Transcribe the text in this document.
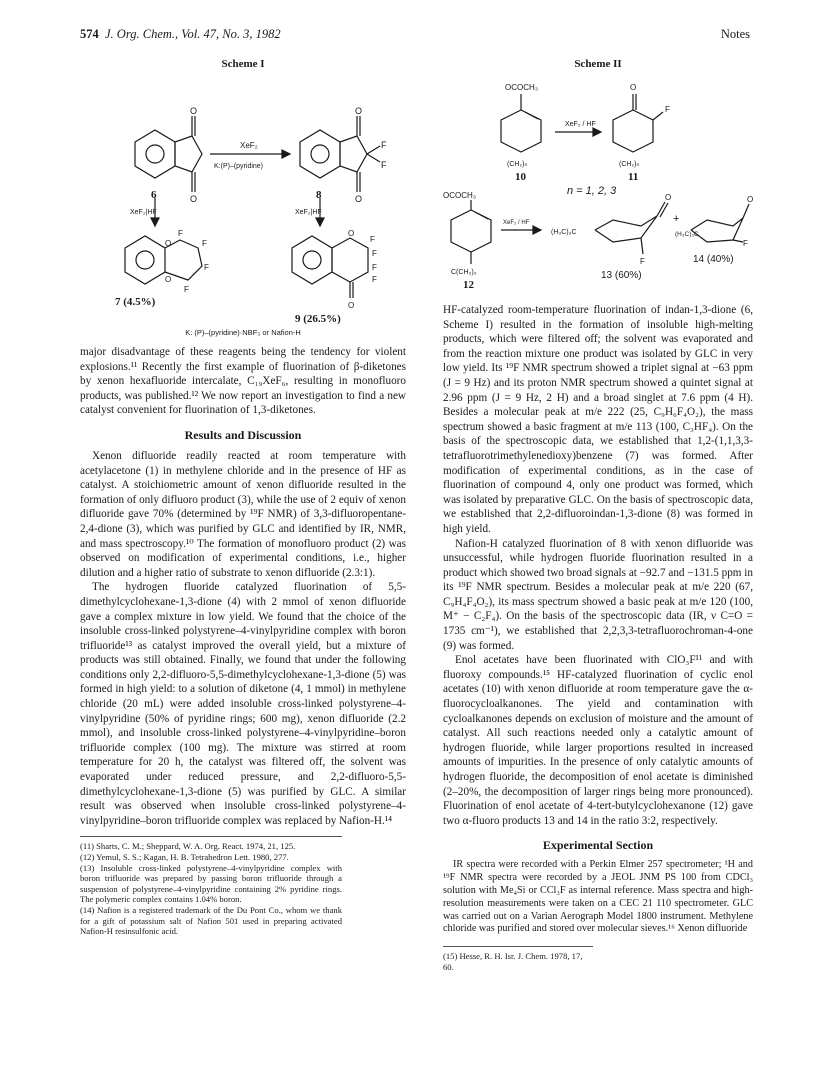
574 J. Org. Chem., Vol. 47, No. 3, 1982	Notes
Scheme I
O
O
O
O
F
F
XeF₂
K:(P)–(pyridine)
6	8
XeF₂|HF	XeF₂|HF
O
F
F
F
O
F
O
F
F
F
F
O
7 (4.5%)
9 (26.5%)
K: (P)–(pyridine)·NBF₃ or Nafion-H

major disadvantage of these reagents being the tendency for violent explosions.¹¹ Recently the first example of fluorination of β-diketones by xenon hexafluoride intercalate, C₁₉XeF₆, resulting in monofluoro products, was published.¹² We now report an investigation to find a new catalyst convenient for fluorination of 1,3-diketones.

Results and Discussion

Xenon difluoride readily reacted at room temperature with acetylacetone (1) in methylene chloride and in the presence of HF as catalyst. A stoichiometric amount of xenon difluoride resulted in the formation of only difluoro product (3), while the use of 2 equiv of xenon difluoride gave 70% (determined by ¹⁹F NMR) of 3,3-difluoropentane-2,4-dione (3), which was purified by GLC and identified by IR, NMR, and mass spectroscopy.¹⁰ The formation of monofluoro product (2) was observed on modification of experimental conditions, i.e., higher dilution and a higher ratio of substrate to xenon difluoride (2.3:1).

The hydrogen fluoride catalyzed fluorination of 5,5-dimethylcyclohexane-1,3-dione (4) with 2 mmol of xenon difluoride gave a complex mixture in low yield. We found that the choice of the insoluble cross-linked polystyrene–4-vinylpyridine complex with boron trifluoride¹³ as catalyst improved the overall yield, but a mixture of products was still obtained. Finally, we found that under the following conditions only 2,2-difluoro-5,5-dimethylcyclohexane-1,3-dione (5) was formed in high yield: to a solution of diketone (4, 1 mmol) in methylene chloride (20 mL) were added insoluble cross-linked polystyrene–4-vinylpyridine (50% of pyridine rings; 600 mg), xenon difluoride (2.2 mmol), and insoluble cross-linked polystyrene–4-vinylpyridine–boron trifluoride complex (100 mg). The mixture was stirred at room temperature for 20 h, the catalyst was filtered off, the solvent was evaporated under reduced pressure, and 2,2-difluoro-5,5-dimethylcyclohexane-1,3-dione (5) was purified by GLC. A similar result was observed when insoluble cross-linked polystyrene–4-vinylpyridine–boron trifluoride complex was replaced by Nafion-H.¹⁴

(11) Sharts, C. M.; Sheppard, W. A. Org. React. 1974, 21, 125.

(12) Yemul, S. S.; Kagan, H. B. Tetrahedron Lett. 1980, 277.

(13) Insoluble cross-linked polystyrene–4-vinylpyridine complex with boron trifluoride was prepared by passing boron trifluoride through a suspension of polystyrene–4-vinylpyridine containing 2% pyridine rings. The polymeric complex contains 1.04% boron.

(14) Nafion is a registered trademark of the Du Pont Co., whom we thank for a gift of potassium salt of Nafion 501 used in preparing activated Nafion-H resinsulfonic acid.

Scheme II
OCOCH₃
XeF₂ / HF
(CH₂)ₙ
O
F
(CH₂)ₙ
10	11
n = 1, 2, 3
OCOCH₃
XeF₂ / HF
C(CH₃)₃
12
(H₃C)₃C
O
F
13 (60%)
+
(H₃C)₃C
O
F
14 (40%)

HF-catalyzed room-temperature fluorination of indan-1,3-dione (6, Scheme I) resulted in the formation of insoluble high-melting products, which were filtered off; the solvent was evaporated and from the reaction mixture one product was isolated by GLC in very low yield. Its ¹⁹F NMR spectrum showed a triplet signal at −63 ppm (J = 9 Hz) and its proton NMR spectrum showed a quintet signal at 2.96 ppm (J = 9 Hz, 2 H) and a broad singlet at 7.6 ppm (4 H). Besides a molecular peak at m/e 222 (25, C₉H₆F₄O₂), the mass spectrum showed a basic fragment at m/e 113 (100, C₃HF₄). On the basis of the spectroscopic data, we established that 1,2-(1,1,3,3-tetrafluorotrimethylenedioxy)benzene (7) was formed. After modification of experimental conditions, as in the case of fluorination of compound 4, only one product was formed, which was isolated by preparative GLC. On the basis of spectroscopic data, we established that 2,2-difluoroindan-1,3-dione (8) was formed in high yield.

Nafion-H catalyzed fluorination of 8 with xenon difluoride was unsuccessful, while hydrogen fluoride fluorination resulted in a product which showed two broad signals at −92.7 and −131.5 ppm in its ¹⁹F NMR spectrum. Besides a molecular peak at m/e 220 (67, C₉H₄F₄O₂), its mass spectrum showed a basic peak at m/e 120 (100, M⁺ − C₂F₄). On the basis of the spectroscopic data (IR, ν C=O = 1735 cm⁻¹), we established that 2,2,3,3-tetrafluorochroman-4-one (9) was formed.

Enol acetates have been fluorinated with ClO₃F¹¹ and with fluoroxy compounds.¹⁵ HF-catalyzed fluorination of cyclic enol acetates (10) with xenon difluoride at room temperature gave the α-fluorocycloalkanones. The yield and contamination with cycloalkanones depends on exclusion of moisture and the amount of catalyst. All such reactions needed only a catalytic amount of hydrogen fluoride, while larger proportions resulted in increased amounts of impurities. In the presence of only catalytic amounts of hydrogen fluoride, the decomposition of enol acetate is diminished (2–20%, the decomposition of larger rings being more pronounced). Fluorination of enol acetate of 4-tert-butylcyclohexanone (12) gave two α-fluoro products 13 and 14 in the ratio 3:2, respectively.

Experimental Section

IR spectra were recorded with a Perkin Elmer 257 spectrometer; ¹H and ¹⁹F NMR spectra were recorded by a JEOL JNM PS 100 from CDCl₃ solution with Me₄Si or CCl₃F as internal reference. Mass spectra and high-resolution measurements were taken on a CEC 21 110 spectrometer. GLC was carried out on a Varian Aerograph Model 1800 instrument. Methylene chloride was purified and stored over molecular sieves.¹⁶ Xenon difluoride

(15) Hesse, R. H. Isr. J. Chem. 1978, 17, 60.
